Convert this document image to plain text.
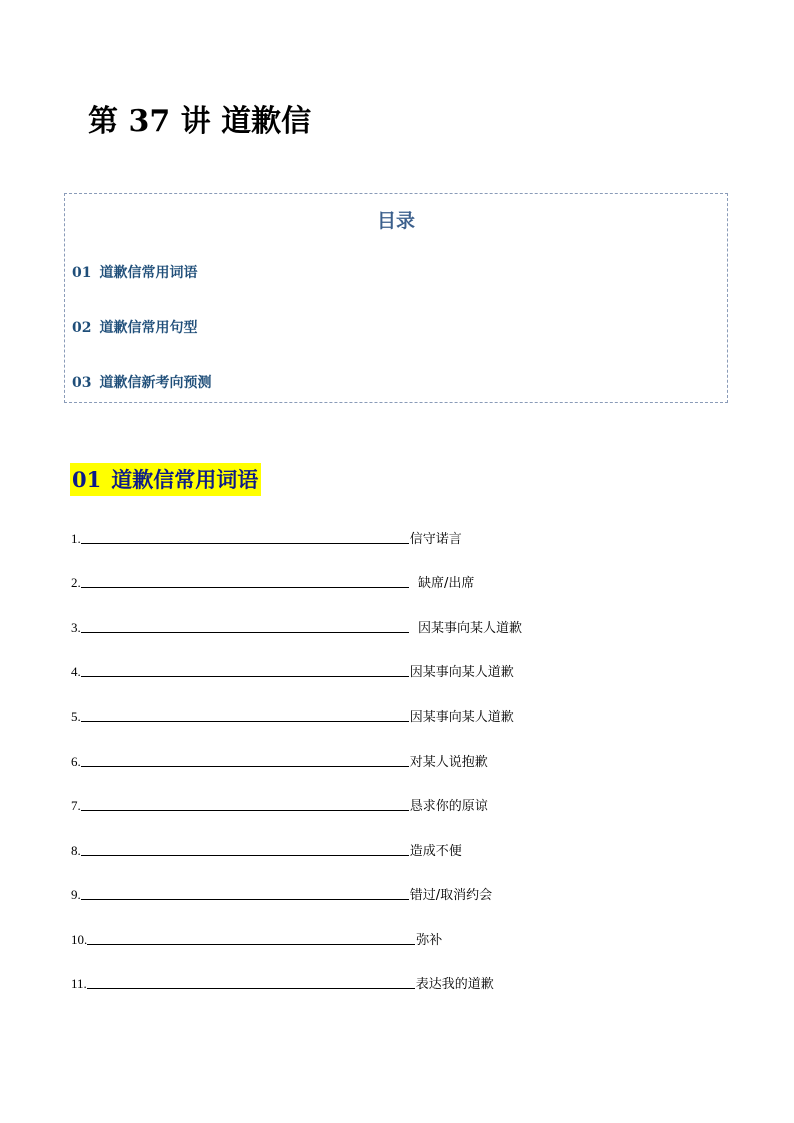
第 37 讲 道歉信
目录
01 道歉信常用词语
02 道歉信常用句型
03 道歉信新考向预测
01 道歉信常用词语
1.	信守诺言
2.	缺席/出席
3.	因某事向某人道歉
4.	因某事向某人道歉
5.	因某事向某人道歉
6.	对某人说抱歉
7.	恳求你的原谅
8.	造成不便
9.	错过/取消约会
10.	弥补
11.	表达我的道歉
